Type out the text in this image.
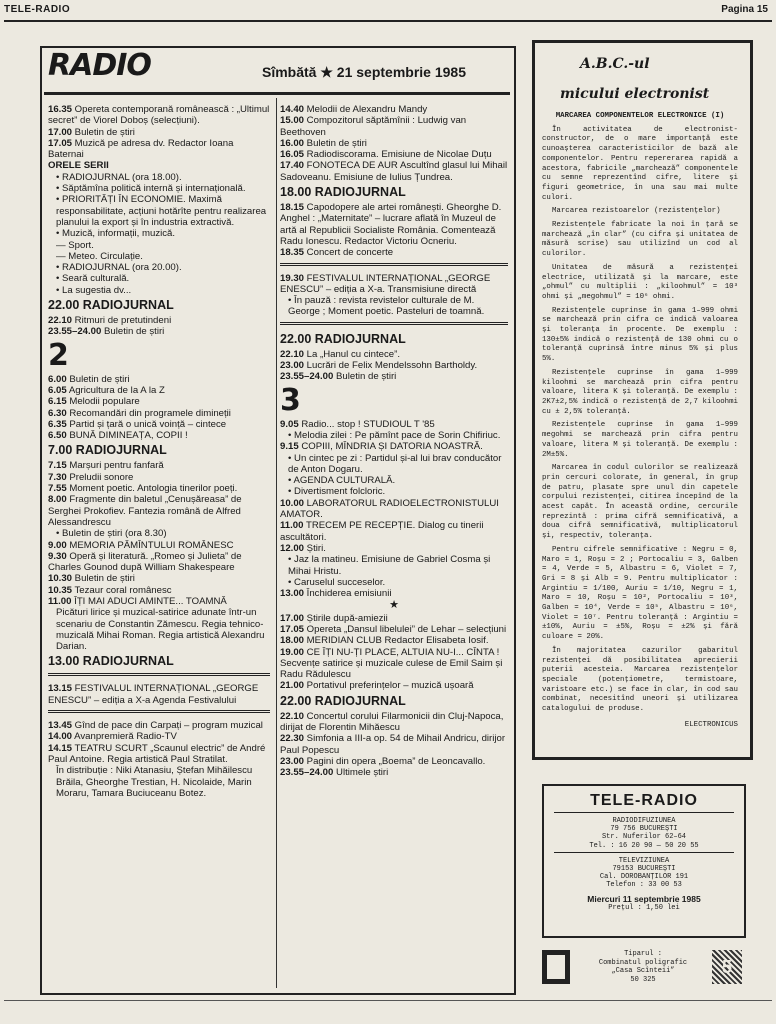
TELE-RADIO	Pagina 15
RADIO	Sîmbătă ★ 21 septembrie 1985

16.35 Opereta contemporană românească : „Ultimul secret” de Viorel Doboș (selecțiuni).

17.00 Buletin de știri

17.05 Muzică pe adresa dv. Redactor Ioana Baternai

ORELE SERII

• RADIOJURNAL (ora 18.00).

• Săptămîna politică internă și internațională.

• PRIORITĂȚI ÎN ECONOMIE. Maximă responsabilitate, acțiuni hotărîte pentru realizarea planului la export și în industria extractivă.

• Muzică, informații, muzică.

— Sport.

— Meteo. Circulație.

• RADIOJURNAL (ora 20.00).

• Seară culturală.

• La sugestia dv...

22.00 RADIOJURNAL

22.10 Ritmuri de pretutindeni

23.55–24.00 Buletin de știri

2

6.00 Buletin de știri

6.05 Agricultura de la A la Z

6.15 Melodii populare

6.30 Recomandări din programele dimineții

6.35 Partid și țară o unică voință – cintece

6.50 BUNĂ DIMINEAȚA, COPII !

7.00 RADIOJURNAL

7.15 Marșuri pentru fanfară

7.30 Preludii sonore

7.55 Moment poetic. Antologia tinerilor poeți.

8.00 Fragmente din baletul „Cenușăreasa” de Serghei Prokofiev. Fantezia română de Alfred Alessandrescu

• Buletin de știri (ora 8.30)

9.00 MEMORIA PĂMÎNTULUI ROMÂNESC

9.30 Operă și literatură. „Romeo și Julieta” de Charles Gounod după William Shakespeare

10.30 Buletin de știri

10.35 Tezaur coral românesc

11.00 ÎȚI MAI ADUCI AMINTE... TOAMNĂ

Picături lirice și muzical-satirice adunate într-un scenariu de Constantin Zămescu. Regia tehnico-muzicală Mihai Roman. Regia artistică Alexandru Darian.

13.00 RADIOJURNAL

13.15 FESTIVALUL INTERNAȚIONAL „GEORGE ENESCU” – ediția a X-a Agenda Festivalului

13.45 Gînd de pace din Carpați – program muzical

14.00 Avanpremieră Radio-TV

14.15 TEATRU SCURT „Scaunul electric” de André Paul Antoine. Regia artistică Paul Stratilat.

În distribuție : Niki Atanasiu, Ștefan Mihăilescu Brăila, Gheorghe Trestian, H. Nicolaide, Marin Moraru, Tamara Buciuceanu Botez.

14.40 Melodii de Alexandru Mandy

15.00 Compozitorul săptămînii : Ludwig van Beethoven

16.00 Buletin de știri

16.05 Radiodiscoramа. Emisiune de Nicolae Duțu

17.40 FONOTECA DE AUR Ascultînd glasul lui Mihail Sadoveanu. Emisiune de Iulius Țundrea.

18.00 RADIOJURNAL

18.15 Capodopere ale artei românești. Gheorghe D. Anghel : „Maternitate” – lucrare aflată în Muzeul de artă al Republicii Socialiste România. Comentează Radu Ionescu. Redactor Victoriu Ocneriu.

18.35 Concert de concerte

19.30 FESTIVALUL INTERNAȚIONAL „GEORGE ENESCU” – ediția a X-a. Transmisiune directă

• În pauză : revista revistelor culturale de M. George ; Moment poetic. Pasteluri de toamnă.

22.00 RADIOJURNAL

22.10 La „Hanul cu cintece”.

23.00 Lucrări de Felix Mendelssohn Bartholdy.

23.55–24.00 Buletin de știri

3

9.05 Radio... stop ! STUDIOUL T '85

• Melodia zilei : Pe pămînt pace de Sorin Chifiriuc.

9.15 COPIII, MÎNDRIA ȘI DATORIA NOASTRĂ.

• Un cintec pe zi : Partidul și-al lui brav conducător de Anton Dogaru.

• AGENDA CULTURALĂ.

• Divertisment folcloric.

10.00 LABORATORUL RADIOELECTRONISTULUI AMATOR.

11.00 TRECEM PE RECEPȚIE. Dialog cu tinerii ascultători.

12.00 Știri.

• Jaz la matineu. Emisiune de Gabriel Cosma și Mihai Hristu.

• Caruselul succeselor.

13.00 Închiderea emisiunii

★

17.00 Știrile după-amiezii

17.05 Opereta „Dansul libelulei” de Lehar – selecțiuni

18.00 MERIDIAN CLUB Redactor Elisabeta Iosif.

19.00 CE ÎȚI NU-ȚI PLACE, ALTUIA NU-I... CÎNTA ! Secvențe satirice și muzicale culese de Emil Saim și Radu Rădulescu

21.00 Portativul preferințelor – muzică ușoară

22.00 RADIOJURNAL

22.10 Concertul corului Filarmonicii din Cluj-Napoca, dirijat de Florentin Mihăescu

22.30 Simfonia a III-a op. 54 de Mihail Andricu, dirijor Paul Popescu

23.00 Pagini din opera „Boema” de Leoncavallo.

23.55–24.00 Ultimele știri

A.B.C.-ul
micului electronist
MARCAREA COMPONENTELOR ELECTRONICE (I)

În activitatea de electronist-constructor, de o mare importanță este cunoașterea caracteristicilor de bază ale componentelor. Pentru repererarea rapidă a acestora, fabricile „marchează” componentele cu semne reprezentînd cifre, litere și figuri geometrice, în una sau mai multe culori.

Marcarea rezistoarelor (rezistențelor)

Rezistențele fabricate la noi în țară se marchează „în clar” (cu cifra și unitatea de măsură scrise) sau utilizînd un cod al culorilor.

Unitatea de măsură a rezistenței electrice, utilizată și la marcare, este „ohmul” cu multiplii : „kiloohmul” = 10³ ohmi și „megohmul” = 10⁶ ohmi.

Rezistențele cuprinse în gama 1–999 ohmi se marchează prin cifra ce indică valoarea și toleranța în procente. De exemplu : 130±5% indică o rezistență de 130 ohmi cu o toleranță cuprinsă între minus 5% și plus 5%.

Rezistențele cuprinse în gama 1–999 kiloohmi se marchează prin cifra pentru valoare, litera K și toleranță. De exemplu : 2K7±2,5% indică o rezistență de 2,7 kiloohmi cu ± 2,5% toleranță.

Rezistențele cuprinse în gama 1–999 megohmi se marchează prin cifra pentru valoare, litera M și toleranță. De exemplu : 2M±5%.

Marcarea în codul culorilor se realizează prin cercuri colorate, în general, în grup de patru, plasate spre unul din capetele corpului rezistenței, citirea începînd de la acest capăt. În această ordine, cercurile reprezintă : prima cifră semnificativă, a doua cifră semnificativă, multiplicatorul și, respectiv, toleranța.

Pentru cifrele semnificative : Negru = 0, Maro = 1, Roșu = 2 ; Portocaliu = 3, Galben = 4, Verde = 5, Albastru = 6, Violet = 7, Gri = 8 și Alb = 9. Pentru multiplicator : Argintiu = 1/100, Auriu = 1/10, Negru = 1, Maro = 10, Roșu = 10², Portocaliu = 10³, Galben = 10⁴, Verde = 10⁵, Albastru = 10⁶, Violet = 10⁷. Pentru toleranță : Argintiu = ±10%, Auriu = ±5%, Roșu = ±2% și fără culoare = 20%.

În majoritatea cazurilor gabaritul rezistenței dă posibilitatea aprecierii puterii acesteia. Marcarea rezistențelor speciale (potențiometre, termistoare, varistoare etc.) se face în clar, în cod sau combinat, necesitînd uneori și utilizarea catalogului de produse.

ELECTRONICUS
TELE-RADIO
RADIODIFUZIUNEA
79 756 BUCUREȘTI
Str. Nuferilor 62–64
Tel. : 16 20 90 — 50 20 55
TELEVIZIUNEA
79153 BUCUREȘTI
Cal. DOROBANȚILOR 191
Telefon : 33 00 53
Miercuri 11 septembrie 1985
Prețul : 1,50 lei
Tiparul :
Combinatul poligrafic
„Casa Scînteii”
50 325
5
